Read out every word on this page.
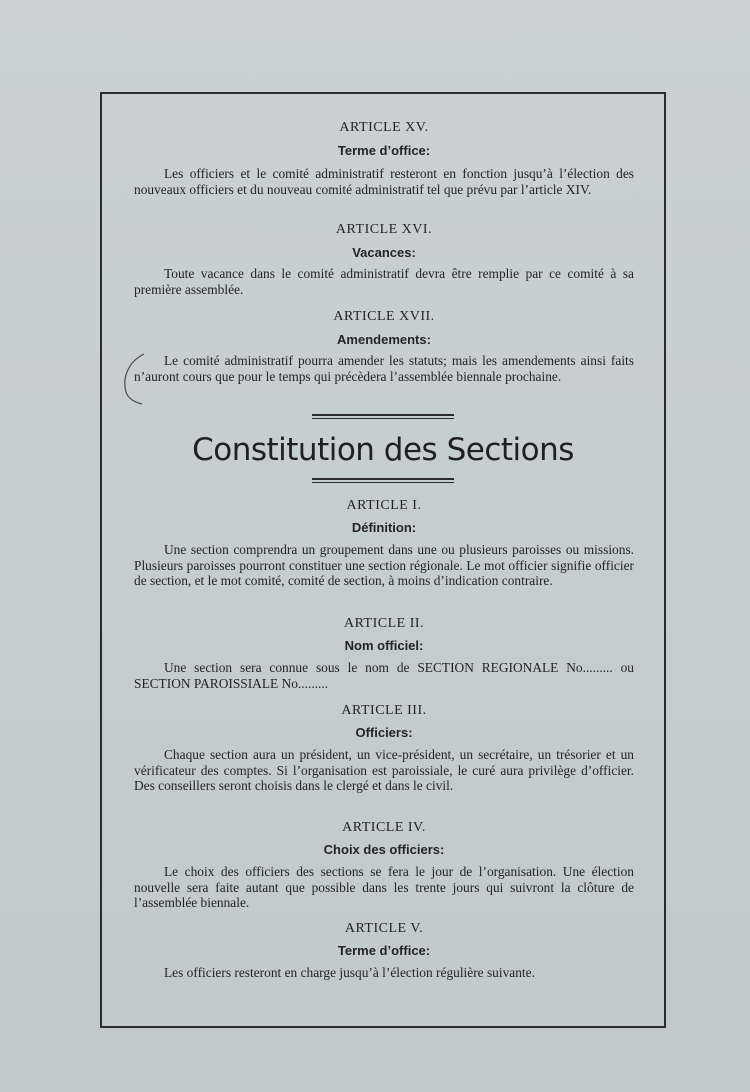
ARTICLE XV.

Terme d’office:

Les officiers et le comité administratif resteront en fonction jusqu’à l’élection des nouveaux officiers et du nouveau comité administratif tel que prévu par l’article XIV.

ARTICLE XVI.

Vacances:

Toute vacance dans le comité administratif devra être remplie par ce comité à sa première assemblée.

ARTICLE XVII.

Amendements:

Le comité administratif pourra amender les statuts; mais les amendements ainsi faits n’auront cours que pour le temps qui précèdera l’assemblée biennale prochaine.

Constitution des Sections

ARTICLE I.

Définition:

Une section comprendra un groupement dans une ou plusieurs paroisses ou missions. Plusieurs paroisses pourront constituer une section régionale. Le mot officier signifie officier de section, et le mot comité, comité de section, à moins d’indication contraire.

ARTICLE II.

Nom officiel:

Une section sera connue sous le nom de SECTION REGIONALE No......... ou SECTION PAROISSIALE No.........

ARTICLE III.

Officiers:

Chaque section aura un président, un vice-président, un secrétaire, un trésorier et un vérificateur des comptes. Si l’organisation est paroissiale, le curé aura privilège d’officier. Des conseillers seront choisis dans le clergé et dans le civil.

ARTICLE IV.

Choix des officiers:

Le choix des officiers des sections se fera le jour de l’organisation. Une élection nouvelle sera faite autant que possible dans les trente jours qui suivront la clôture de l’assemblée biennale.

ARTICLE V.

Terme d’office:

Les officiers resteront en charge jusqu’à l’élection régulière suivante.
